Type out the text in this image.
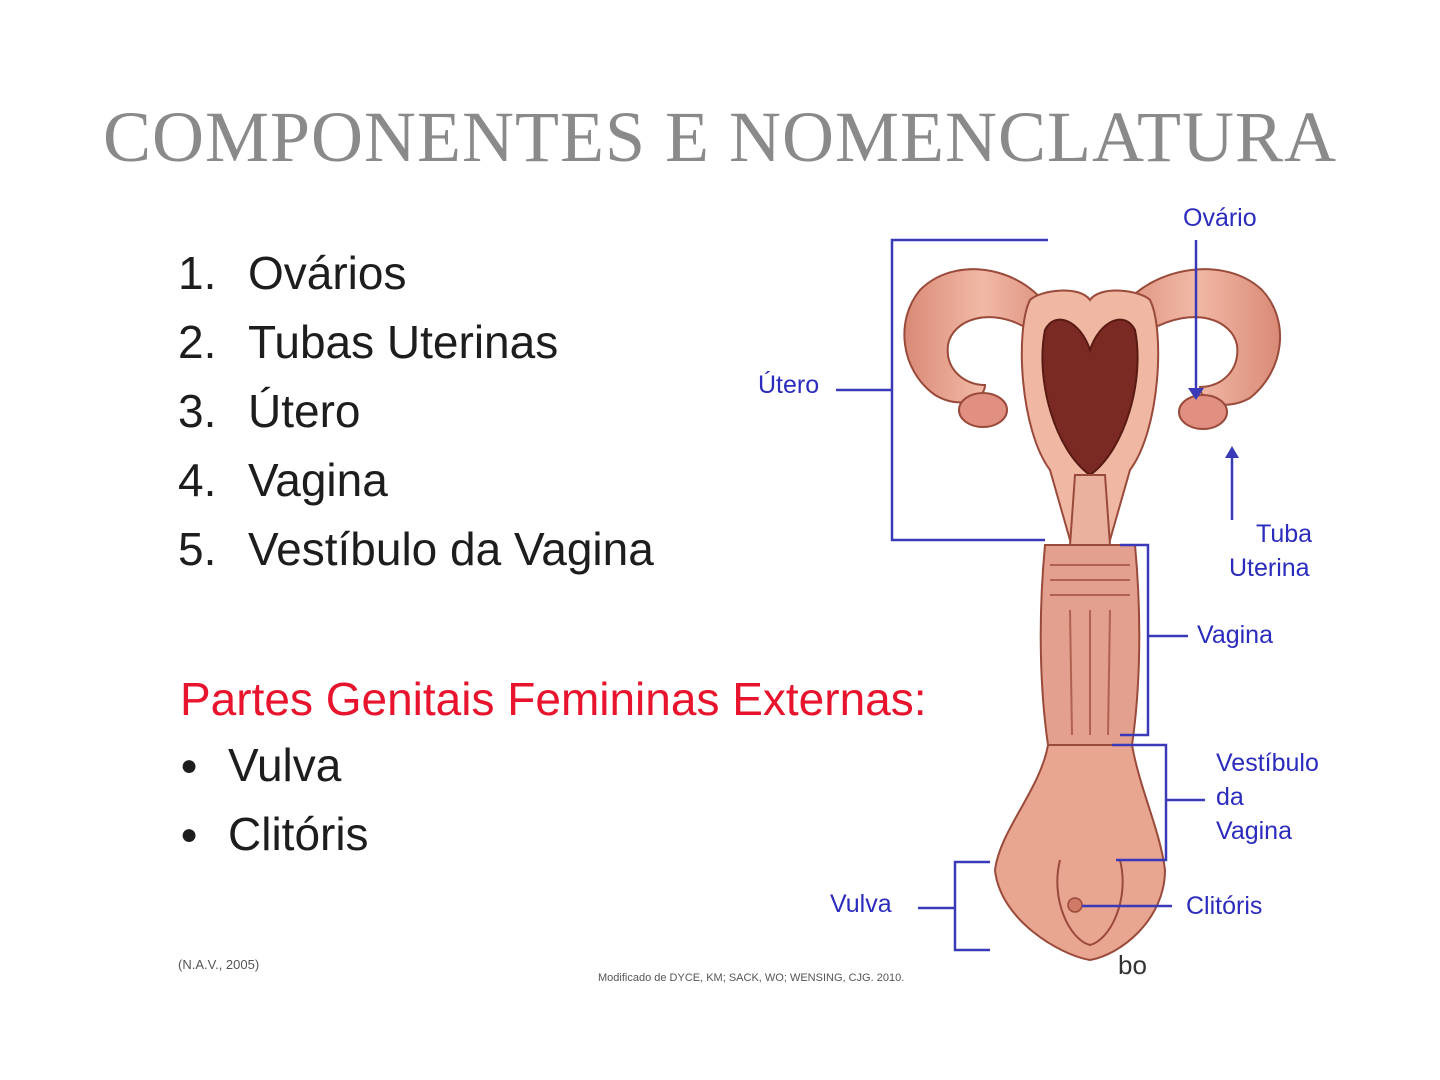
COMPONENTES E NOMENCLATURA
1. Ovários
2. Tubas Uterinas
3. Útero
4. Vagina
5. Vestíbulo da Vagina
Partes Genitais Femininas Externas:
● Vulva
● Clitóris
(N.A.V., 2005)
Modificado de DYCE, KM; SACK, WO; WENSING, CJG. 2010.	bo
Ovário
Útero
Tuba
Uterina
Vagina
Vestíbulo
da
Vagina
Vulva	Clitóris
